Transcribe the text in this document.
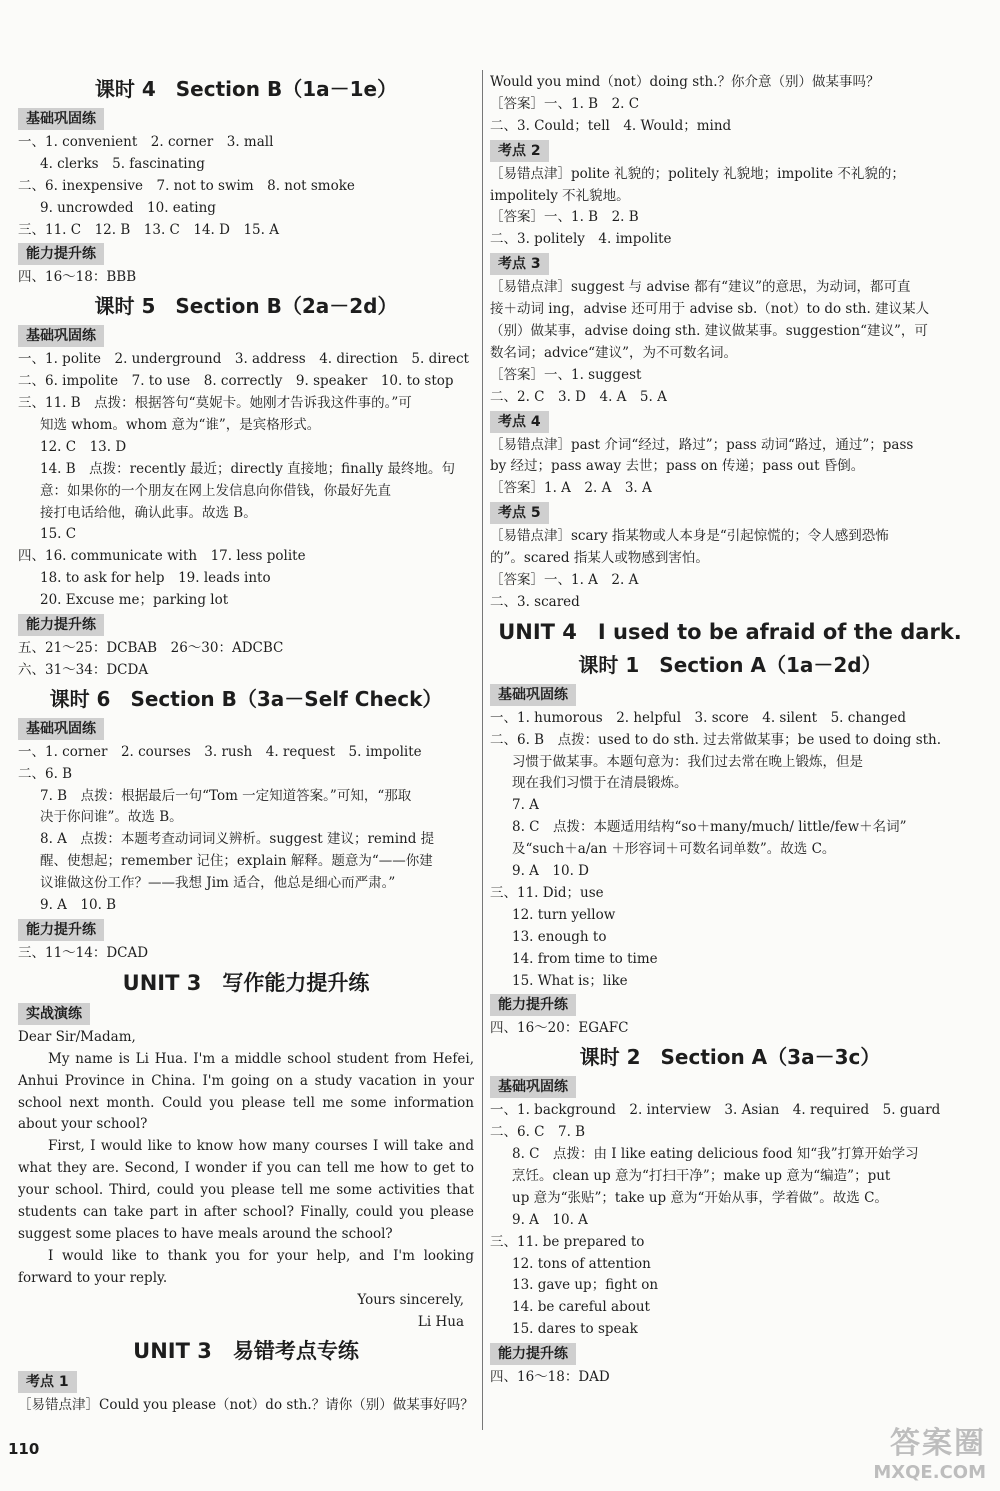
课时 4　Section B（1a－1e）
基础巩固练
一、1. convenient　2. corner　3. mall
4. clerks　5. fascinating
二、6. inexpensive　7. not to swim　8. not smoke
9. uncrowded　10. eating
三、11. C　12. B　13. C　14. D　15. A
能力提升练
四、16～18：BBB
课时 5　Section B（2a－2d）
基础巩固练
一、1. polite　2. underground　3. address　4. direction　5. direct
二、6. impolite　7. to use　8. correctly　9. speaker　10. to stop
三、11. B　点拨：根据答句“莫妮卡。她刚才告诉我这件事的。”可
知选 whom。whom 意为“谁”，是宾格形式。
12. C　13. D
14. B　点拨：recently 最近；directly 直接地；finally 最终地。句
意：如果你的一个朋友在网上发信息向你借钱，你最好先直
接打电话给他，确认此事。故选 B。
15. C
四、16. communicate with　17. less polite
18. to ask for help　19. leads into
20. Excuse me；parking lot
能力提升练
五、21～25：DCBAB　26～30：ADCBC
六、31～34：DCDA
课时 6　Section B（3a－Self Check）
基础巩固练
一、1. corner　2. courses　3. rush　4. request　5. impolite
二、6. B
7. B　点拨：根据最后一句“Tom 一定知道答案。”可知，“那取
决于你问谁”。故选 B。
8. A　点拨：本题考查动词词义辨析。suggest 建议；remind 提
醒、使想起；remember 记住；explain 解释。题意为“——你建
议谁做这份工作？——我想 Jim 适合，他总是细心而严肃。”
9. A　10. B
能力提升练
三、11～14：DCAD
UNIT 3　写作能力提升练
实战演练
Dear Sir/Madam,
My name is Li Hua. I'm a middle school student from Hefei, Anhui Province in China. I'm going on a study vacation in your school next month. Could you please tell me some information about your school?
First, I would like to know how many courses I will take and what they are. Second, I wonder if you can tell me how to get to your school. Third, could you please tell me some activities that students can take part in after school? Finally, could you please suggest some places to have meals around the school?
I would like to thank you for your help, and I'm looking forward to your reply.
Yours sincerely,
Li Hua
UNIT 3　易错考点专练
考点 1
［易错点津］Could you please（not）do sth.？请你（别）做某事好吗？
Would you mind（not）doing sth.？你介意（别）做某事吗？
［答案］一、1. B　2. C
二、3. Could；tell　4. Would；mind
考点 2
［易错点津］polite 礼貌的；politely 礼貌地；impolite 不礼貌的；
impolitely 不礼貌地。
［答案］一、1. B　2. B
二、3. politely　4. impolite
考点 3
［易错点津］suggest 与 advise 都有“建议”的意思，为动词，都可直
接＋动词 ing，advise 还可用于 advise sb.（not）to do sth. 建议某人
（别）做某事，advise doing sth. 建议做某事。suggestion“建议”，可
数名词；advice“建议”，为不可数名词。
［答案］一、1. suggest
二、2. C　3. D　4. A　5. A
考点 4
［易错点津］past 介词“经过，路过”；pass 动词“路过，通过”；pass
by 经过；pass away 去世；pass on 传递；pass out 昏倒。
［答案］1. A　2. A　3. A
考点 5
［易错点津］scary 指某物或人本身是“引起惊慌的；令人感到恐怖
的”。scared 指某人或物感到害怕。
［答案］一、1. A　2. A
二、3. scared
UNIT 4　I used to be afraid of the dark.
课时 1　Section A（1a－2d）
基础巩固练
一、1. humorous　2. helpful　3. score　4. silent　5. changed
二、6. B　点拨：used to do sth. 过去常做某事；be used to doing sth.
习惯于做某事。本题句意为：我们过去常在晚上锻炼，但是
现在我们习惯于在清晨锻炼。
7. A
8. C　点拨：本题适用结构“so＋many/much/ little/few＋名词”
及“such＋a/an ＋形容词＋可数名词单数”。故选 C。
9. A　10. D
三、11. Did；use
12. turn yellow
13. enough to
14. from time to time
15. What is；like
能力提升练
四、16～20：EGAFC
课时 2　Section A（3a－3c）
基础巩固练
一、1. background　2. interview　3. Asian　4. required　5. guard
二、6. C　7. B
8. C　点拨：由 I like eating delicious food 知“我”打算开始学习
烹饪。clean up 意为“打扫干净”；make up 意为“编造”；put
up 意为“张贴”；take up 意为“开始从事，学着做”。故选 C。
9. A　10. A
三、11. be prepared to
12. tons of attention
13. gave up；fight on
14. be careful about
15. dares to speak
能力提升练
四、16～18：DAD
110	答案圈
MXQE.COM
